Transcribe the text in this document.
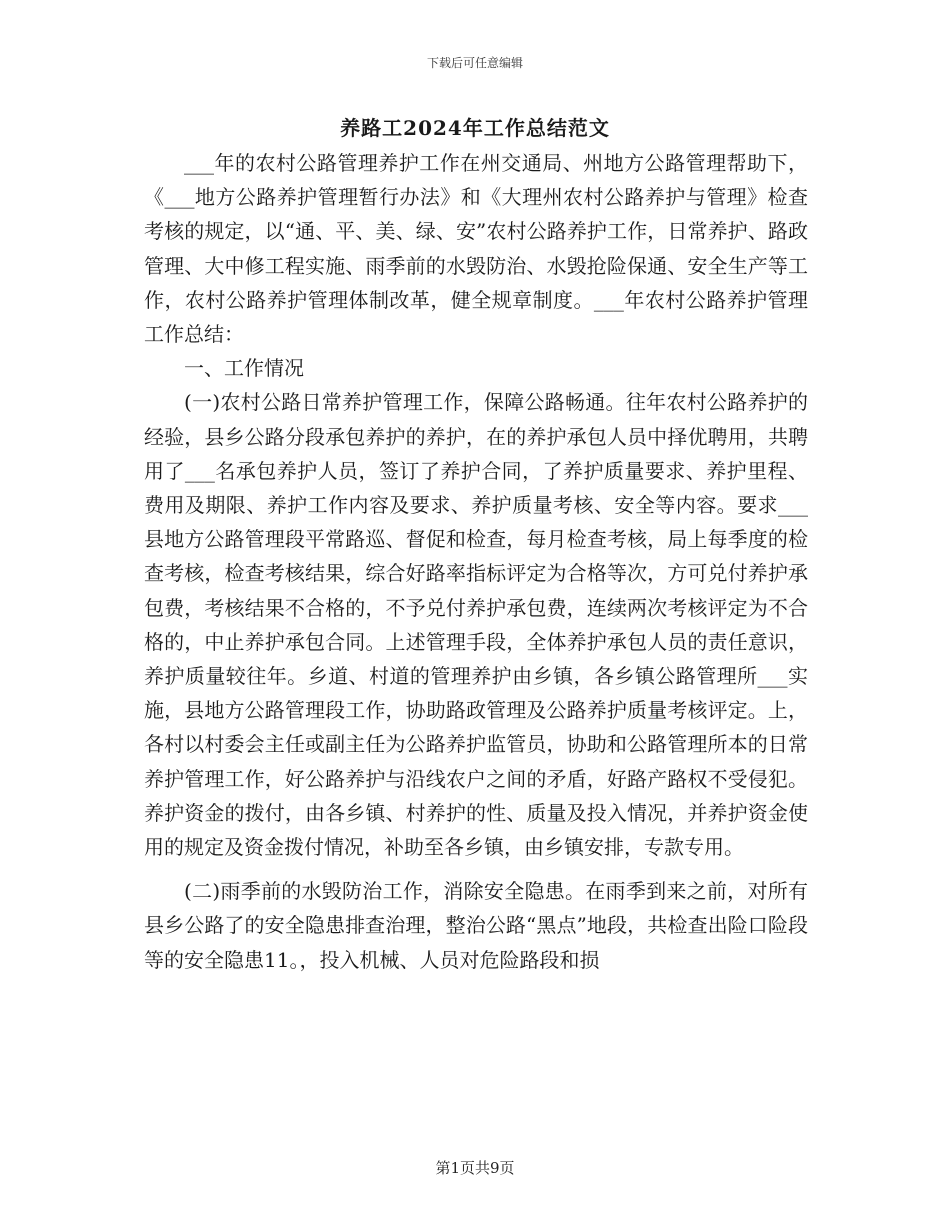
下载后可任意编辑
养路工2024年工作总结范文

___年的农村公路管理养护工作在州交通局、州地方公路管理帮助下，《___地方公路养护管理暂行办法》和《大理州农村公路养护与管理》检查考核的规定，以“通、平、美、绿、安”农村公路养护工作，日常养护、路政管理、大中修工程实施、雨季前的水毁防治、水毁抢险保通、安全生产等工作，农村公路养护管理体制改革，健全规章制度。___年农村公路养护管理工作总结：

一、工作情况

(一)农村公路日常养护管理工作，保障公路畅通。往年农村公路养护的经验，县乡公路分段承包养护的养护，在的养护承包人员中择优聘用，共聘用了___名承包养护人员，签订了养护合同，了养护质量要求、养护里程、费用及期限、养护工作内容及要求、养护质量考核、安全等内容。要求___县地方公路管理段平常路巡、督促和检查，每月检查考核，局上每季度的检查考核，检查考核结果，综合好路率指标评定为合格等次，方可兑付养护承包费，考核结果不合格的，不予兑付养护承包费，连续两次考核评定为不合格的，中止养护承包合同。上述管理手段，全体养护承包人员的责任意识，养护质量较往年。乡道、村道的管理养护由乡镇，各乡镇公路管理所___实施，县地方公路管理段工作，协助路政管理及公路养护质量考核评定。上，各村以村委会主任或副主任为公路养护监管员，协助和公路管理所本的日常养护管理工作，好公路养护与沿线农户之间的矛盾，好路产路权不受侵犯。养护资金的拨付，由各乡镇、村养护的性、质量及投入情况，并养护资金使用的规定及资金拨付情况，补助至各乡镇，由乡镇安排，专款专用。

(二)雨季前的水毁防治工作，消除安全隐患。在雨季到来之前，对所有县乡公路了的安全隐患排查治理，整治公路“黑点”地段，共检查出险口险段等的安全隐患11。，投入机械、人员对危险路段和损

第1页共9页
